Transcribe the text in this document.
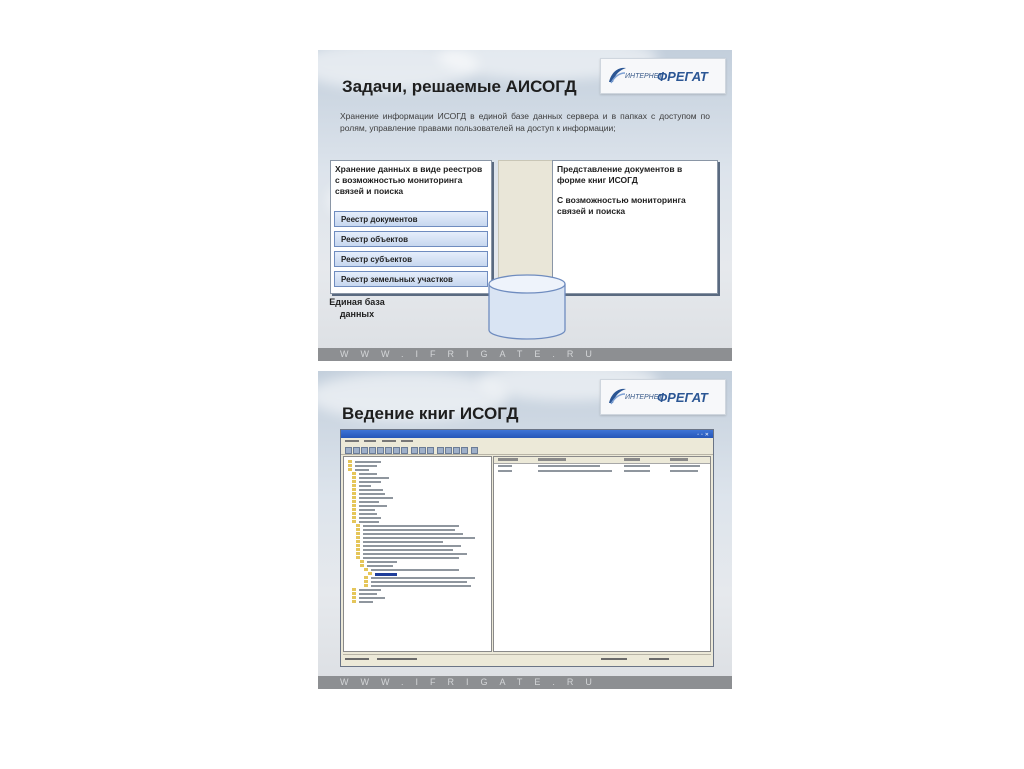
ИНТЕРНЕТ
ФРЕГАТ
Задачи, решаемые АИСОГД
Хранение информации ИСОГД в единой базе данных сервера и в папках с доступом по ролям, управление правами пользователей на доступ к информации;
Хранение данных в виде реестров с возможностью мониторинга связей и поиска
Реестр документов
Реестр объектов
Реестр субъектов
Реестр земельных участков
Представление документов в форме книг ИСОГД
С возможностью мониторинга связей и поиска
Единая база данных
WWW.IFRIGATE.RU
ИНТЕРНЕТ
ФРЕГАТ
Ведение книг ИСОГД
▫▫✕

WWW.IFRIGATE.RU
